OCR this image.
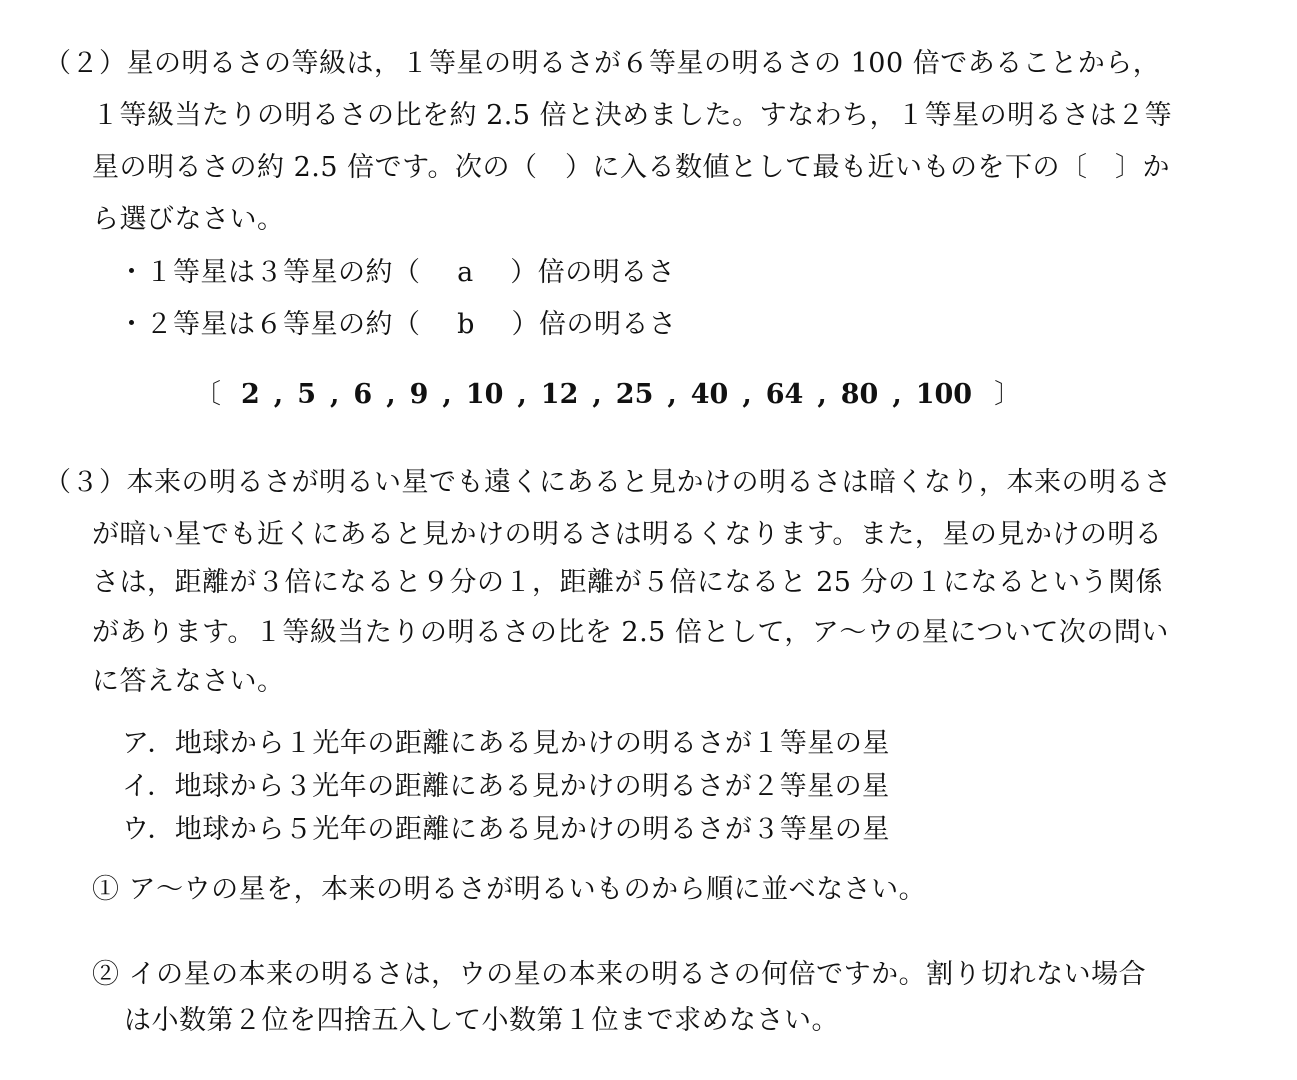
（２）星の明るさの等級は，１等星の明るさが６等星の明るさの 100 倍であることから，
１等級当たりの明るさの比を約 2.5 倍と決めました。すなわち，１等星の明るさは２等
星の明るさの約 2.5 倍です。次の（　）に入る数値として最も近いものを下の〔　〕か
ら選びなさい。
・１等星は３等星の約（　 a 　）倍の明るさ
・２等星は６等星の約（　 b 　）倍の明るさ
〔 2 , 5 , 6 , 9 , 10 , 12 , 25 , 40 , 64 , 80 , 100 〕
（３）本来の明るさが明るい星でも遠くにあると見かけの明るさは暗くなり，本来の明るさ
が暗い星でも近くにあると見かけの明るさは明るくなります。また，星の見かけの明る
さは，距離が３倍になると９分の１，距離が５倍になると 25 分の１になるという関係
があります。１等級当たりの明るさの比を 2.5 倍として，ア～ウの星について次の問い
に答えなさい。
ア．地球から１光年の距離にある見かけの明るさが１等星の星
イ．地球から３光年の距離にある見かけの明るさが２等星の星
ウ．地球から５光年の距離にある見かけの明るさが３等星の星
① ア～ウの星を，本来の明るさが明るいものから順に並べなさい。
② イの星の本来の明るさは，ウの星の本来の明るさの何倍ですか。割り切れない場合
は小数第２位を四捨五入して小数第１位まで求めなさい。
